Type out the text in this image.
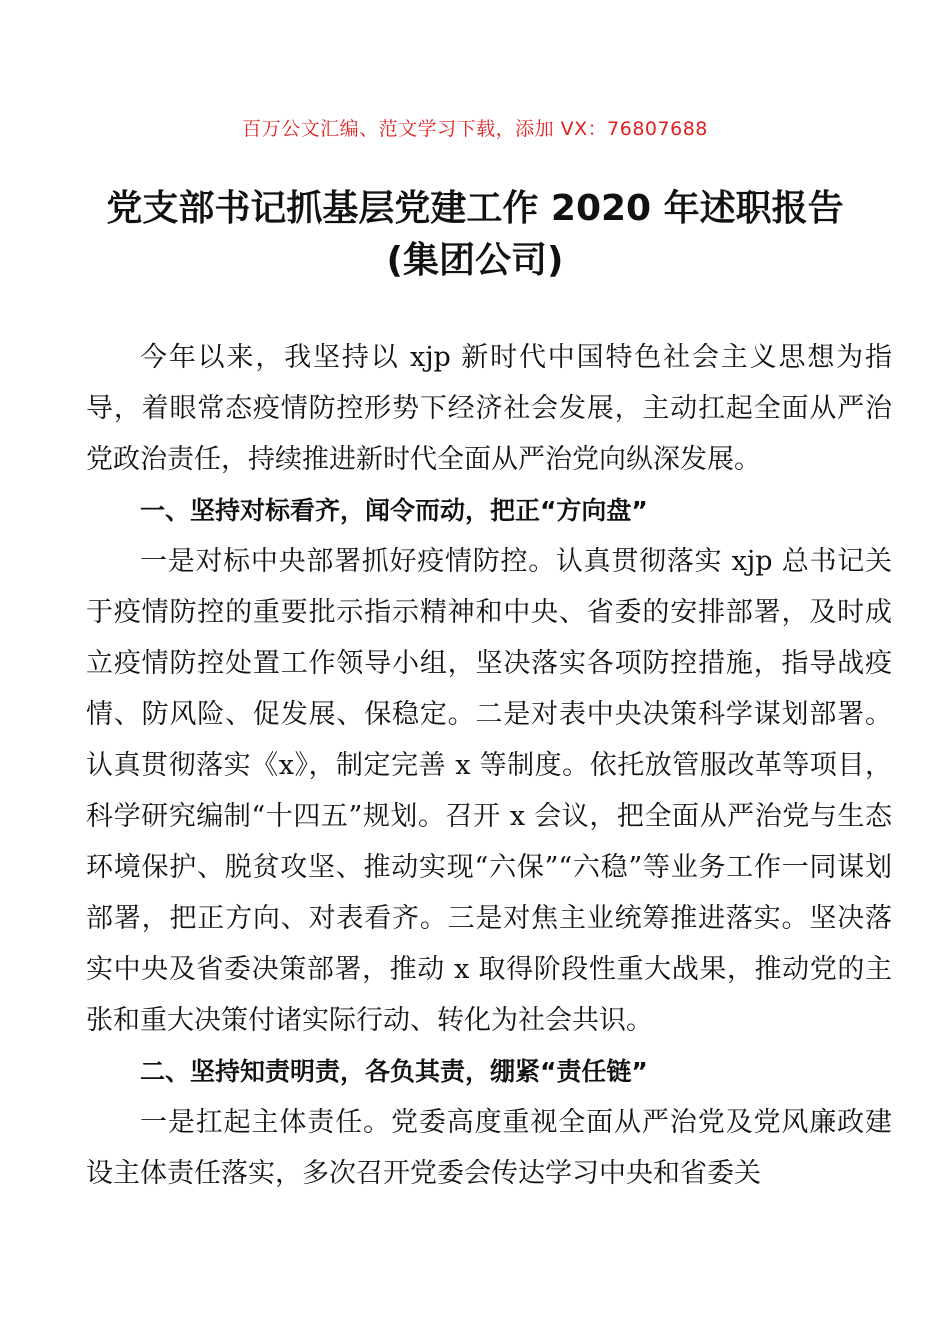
百万公文汇编、范文学习下载，添加 VX：76807688
党支部书记抓基层党建工作 2020 年述职报告
(集团公司)

今年以来，我坚持以 xjp 新时代中国特色社会主义思想为指导，着眼常态疫情防控形势下经济社会发展，主动扛起全面从严治党政治责任，持续推进新时代全面从严治党向纵深发展。

一、坚持对标看齐，闻令而动，把正“方向盘”

一是对标中央部署抓好疫情防控。认真贯彻落实 xjp 总书记关于疫情防控的重要批示指示精神和中央、省委的安排部署，及时成立疫情防控处置工作领导小组，坚决落实各项防控措施，指导战疫情、防风险、促发展、保稳定。二是对表中央决策科学谋划部署。认真贯彻落实《x》，制定完善 x 等制度。依托放管服改革等项目，科学研究编制“十四五”规划。召开 x 会议，把全面从严治党与生态环境保护、脱贫攻坚、推动实现“六保”“六稳”等业务工作一同谋划部署，把正方向、对表看齐。三是对焦主业统筹推进落实。坚决落实中央及省委决策部署，推动 x 取得阶段性重大战果，推动党的主张和重大决策付诸实际行动、转化为社会共识。

二、坚持知责明责，各负其责，绷紧“责任链”

一是扛起主体责任。党委高度重视全面从严治党及党风廉政建设主体责任落实，多次召开党委会传达学习中央和省委关
